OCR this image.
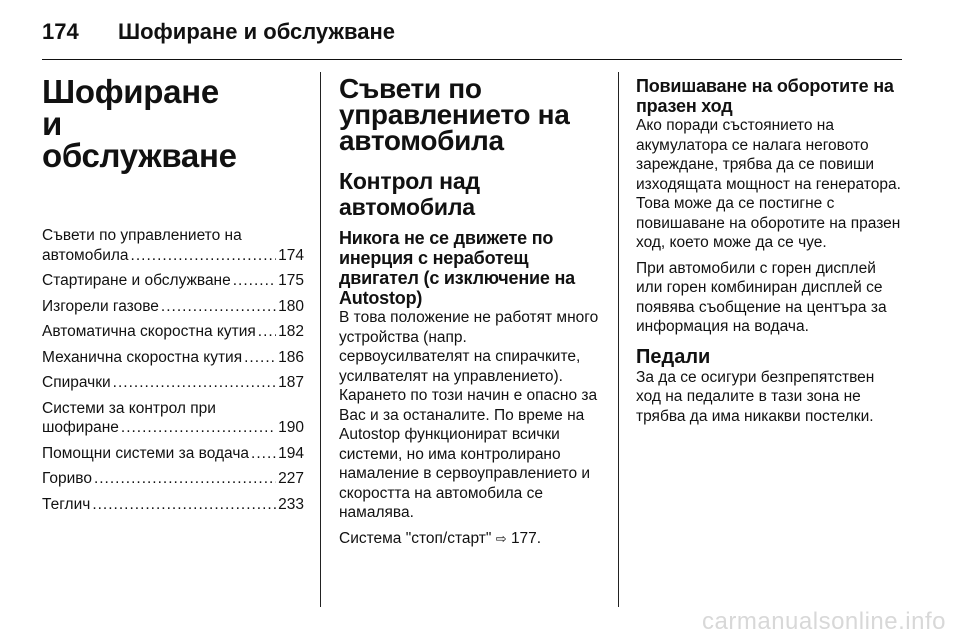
174	Шофиране и обслужване
Шофиране и обслужване
Съвети по управлението на
автомобила .....	174
Стартиране и обслужване .....	175
Изгорели газове .....	180
Автоматична скоростна кутия ..... 182
Механична скоростна кутия ..... 186
Спирачки .....	187
Системи за контрол при
шофиране .....	190
Помощни системи за водача ..... 194
Гориво .....	227
Теглич .....	233
Съвети по управлението на автомобила
Контрол над автомобила
Никога не се движете по инерция с неработещ двигател (с изключение на Autostop)

В това положение не работят много устройства (напр. сервоусилвателят на спирачките, усилвателят на управлението). Карането по този начин е опасно за Вас и за останалите. По време на Autostop функционират всички системи, но има контролирано намаление в сервоуправлението и скоростта на автомобила се намалява.

Система "стоп/старт" ⇨ 177.

Повишаване на оборотите на празен ход

Ако поради състоянието на акумулатора се налага неговото зареждане, трябва да се повиши изходящата мощност на генератора. Това може да се постигне с повишаване на оборотите на празен ход, което може да се чуе.

При автомобили с горен дисплей или горен комбиниран дисплей се появява съобщение на центъра за информация на водача.

Педали

За да се осигури безпрепятствен ход на педалите в тази зона не трябва да има никакви постелки.

carmanualsonline.info
